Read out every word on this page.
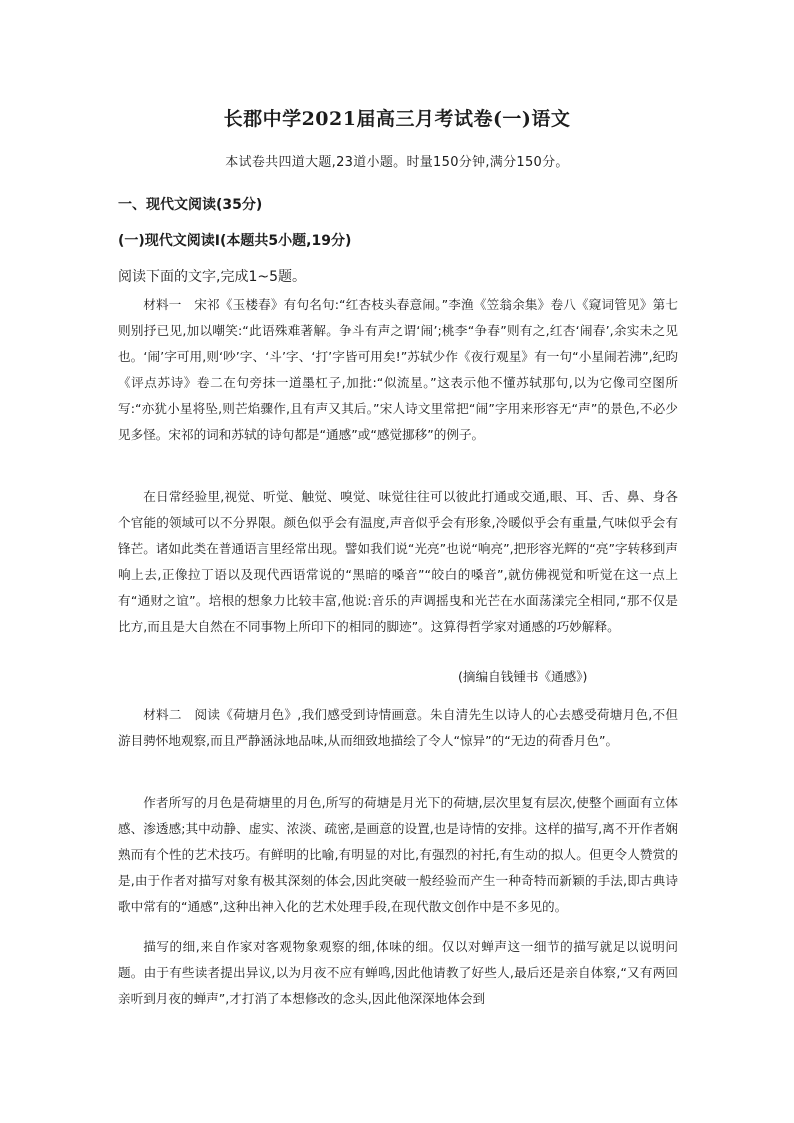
长郡中学2021届高三月考试卷(一)语文
本试卷共四道大题,23道小题。时量150分钟,满分150分。
一、现代文阅读(35分)
(一)现代文阅读Ⅰ(本题共5小题,19分)
阅读下面的文字,完成1~5题。

材料一　宋祁《玉楼春》有句名句:“红杏枝头春意闹。”李渔《笠翁余集》卷八《窥词管见》第七则别抒已见,加以嘲笑:“此语殊难著解。争斗有声之谓‘闹’;桃李“争春”则有之,红杏‘闹春’,余实未之见也。‘闹’字可用,则‘吵’字、‘斗’字、‘打’字皆可用矣!”苏轼少作《夜行观星》有一句“小星闹若沸”,纪昀《评点苏诗》卷二在句旁抹一道墨杠子,加批:“似流星。”这表示他不懂苏轼那句,以为它像司空图所写:“亦犹小星将坠,则芒焰骤作,且有声又其后。”宋人诗文里常把“闹”字用来形容无“声”的景色,不必少见多怪。宋祁的词和苏轼的诗句都是“通感”或“感觉挪移”的例子。

在日常经验里,视觉、听觉、触觉、嗅觉、味觉往往可以彼此打通或交通,眼、耳、舌、鼻、身各个官能的领域可以不分界限。颜色似乎会有温度,声音似乎会有形象,冷暖似乎会有重量,气味似乎会有锋芒。诸如此类在普通语言里经常出现。譬如我们说“光亮”也说“响亮”,把形容光辉的“亮”字转移到声响上去,正像拉丁语以及现代西语常说的“黑暗的嗓音”“皎白的嗓音”,就仿佛视觉和听觉在这一点上有“通财之谊”。培根的想象力比较丰富,他说:音乐的声调摇曳和光芒在水面荡漾完全相同,“那不仅是比方,而且是大自然在不同事物上所印下的相同的脚迹”。这算得哲学家对通感的巧妙解释。

(摘编自钱锺书《通感》)

材料二　阅读《荷塘月色》,我们感受到诗情画意。朱自清先生以诗人的心去感受荷塘月色,不但游目骋怀地观察,而且严静涵泳地品味,从而细致地描绘了令人“惊异”的“无边的荷香月色”。

作者所写的月色是荷塘里的月色,所写的荷塘是月光下的荷塘,层次里复有层次,使整个画面有立体感、渗透感;其中动静、虚实、浓淡、疏密,是画意的设置,也是诗情的安排。这样的描写,离不开作者娴熟而有个性的艺术技巧。有鲜明的比喻,有明显的对比,有强烈的衬托,有生动的拟人。但更令人赞赏的是,由于作者对描写对象有极其深刻的体会,因此突破一般经验而产生一种奇特而新颖的手法,即古典诗歌中常有的“通感”,这种出神入化的艺术处理手段,在现代散文创作中是不多见的。

描写的细,来自作家对客观物象观察的细,体味的细。仅以对蝉声这一细节的描写就足以说明问题。由于有些读者提出异议,以为月夜不应有蝉鸣,因此他请教了好些人,最后还是亲自体察,“又有两回亲听到月夜的蝉声”,才打消了本想修改的念头,因此他深深地体会到
